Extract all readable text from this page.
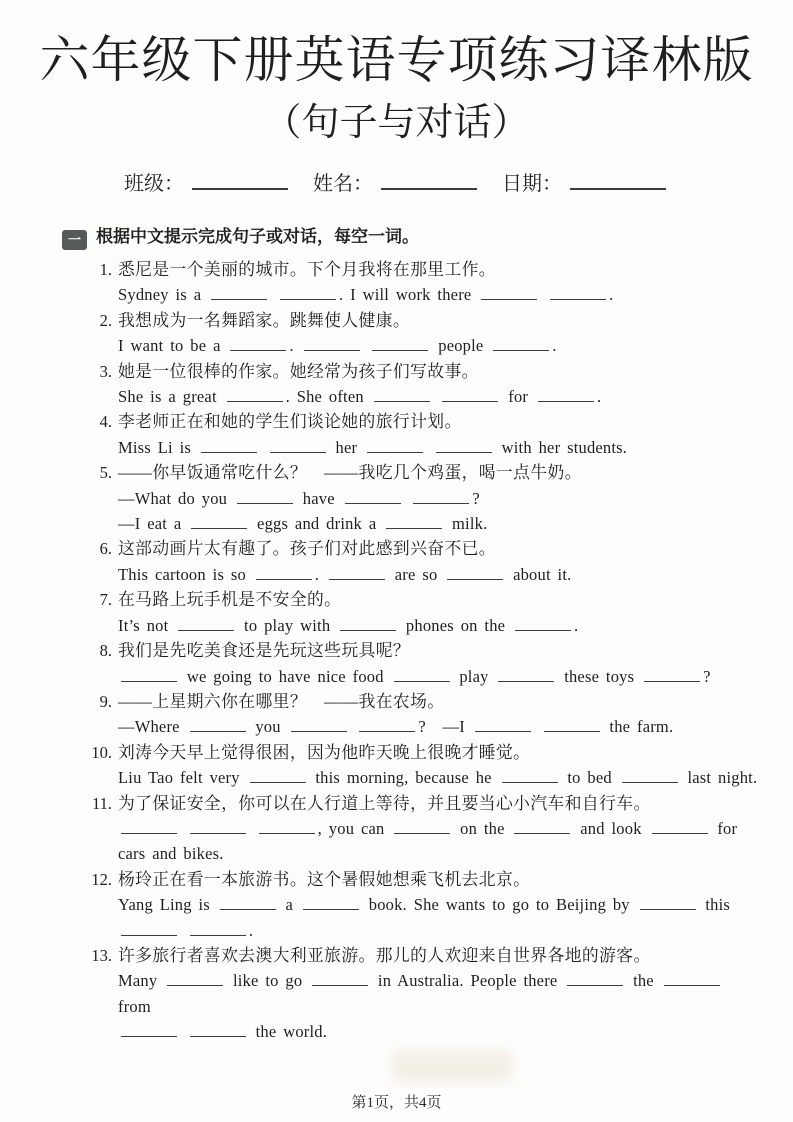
六年级下册英语专项练习译林版
（句子与对话）
班级：	姓名：	日期：
一 根据中文提示完成句子或对话，每空一词。
1. 悉尼是一个美丽的城市。下个月我将在那里工作。
Sydney is a	. I will work there	.
2. 我想成为一名舞蹈家。跳舞使人健康。
I want to be a	.	people	.
3. 她是一位很棒的作家。她经常为孩子们写故事。
She is a great	. She often	for	.
4. 李老师正在和她的学生们谈论她的旅行计划。
Miss Li is	her	with her students.
5. ——你早饭通常吃什么？　——我吃几个鸡蛋，喝一点牛奶。
—What do you	have	?
—I eat a	eggs and drink a	milk.
6. 这部动画片太有趣了。孩子们对此感到兴奋不已。
This cartoon is so	.	are so	about it.
7. 在马路上玩手机是不安全的。
It’s not	to play with	phones on the	.
8. 我们是先吃美食还是先玩这些玩具呢？
we going to have nice food	play	these toys	?
9. ——上星期六你在哪里？　——我在农场。
—Where	you	?　—I	the farm.
10. 刘涛今天早上觉得很困，因为他昨天晚上很晚才睡觉。
Liu Tao felt very	this morning, because he	to bed	last night.
11. 为了保证安全，你可以在人行道上等待，并且要当心小汽车和自行车。
, you can	on the	and look	for
cars and bikes.
12. 杨玲正在看一本旅游书。这个暑假她想乘飞机去北京。
Yang Ling is	a	book. She wants to go to Beijing by	this
.
13. 许多旅行者喜欢去澳大利亚旅游。那儿的人欢迎来自世界各地的游客。
Many	like to go	in Australia. People there	the	from
the world.
第1页，共4页
